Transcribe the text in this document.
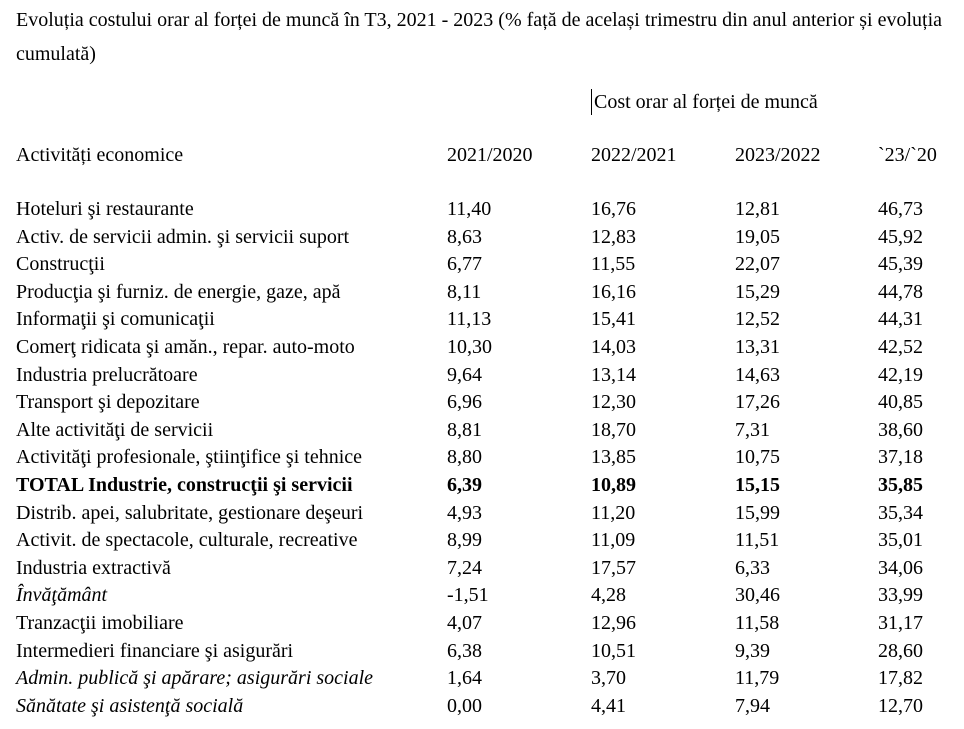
Evoluția costului orar al forței de muncă în T3, 2021 - 2023 (% față de același trimestru din anul anterior și evoluția cumulată)
Cost orar al forței de muncă
Activități economice	2021/2020	2022/2021	2023/2022	`23/`20
Hoteluri şi restaurante	11,40	16,76	12,81	46,73
Activ. de servicii admin. şi servicii suport	8,63	12,83	19,05	45,92
Construcţii	6,77	11,55	22,07	45,39
Producţia şi furniz. de energie, gaze, apă	8,11	16,16	15,29	44,78
Informaţii şi comunicaţii	11,13	15,41	12,52	44,31
Comerţ ridicata şi amăn., repar. auto-moto	10,30	14,03	13,31	42,52
Industria prelucrătoare	9,64	13,14	14,63	42,19
Transport şi depozitare	6,96	12,30	17,26	40,85
Alte activităţi de servicii	8,81	18,70	7,31	38,60
Activităţi profesionale, ştiinţifice şi tehnice	8,80	13,85	10,75	37,18
TOTAL Industrie, construcţii şi servicii	6,39	10,89	15,15	35,85
Distrib. apei, salubritate, gestionare deşeuri	4,93	11,20	15,99	35,34
Activit. de spectacole, culturale, recreative	8,99	11,09	11,51	35,01
Industria extractivă	7,24	17,57	6,33	34,06
Învăţământ	-1,51	4,28	30,46	33,99
Tranzacţii imobiliare	4,07	12,96	11,58	31,17
Intermedieri financiare şi asigurări	6,38	10,51	9,39	28,60
Admin. publică şi apărare; asigurări sociale	1,64	3,70	11,79	17,82
Sănătate şi asistenţă socială	0,00	4,41	7,94	12,70
